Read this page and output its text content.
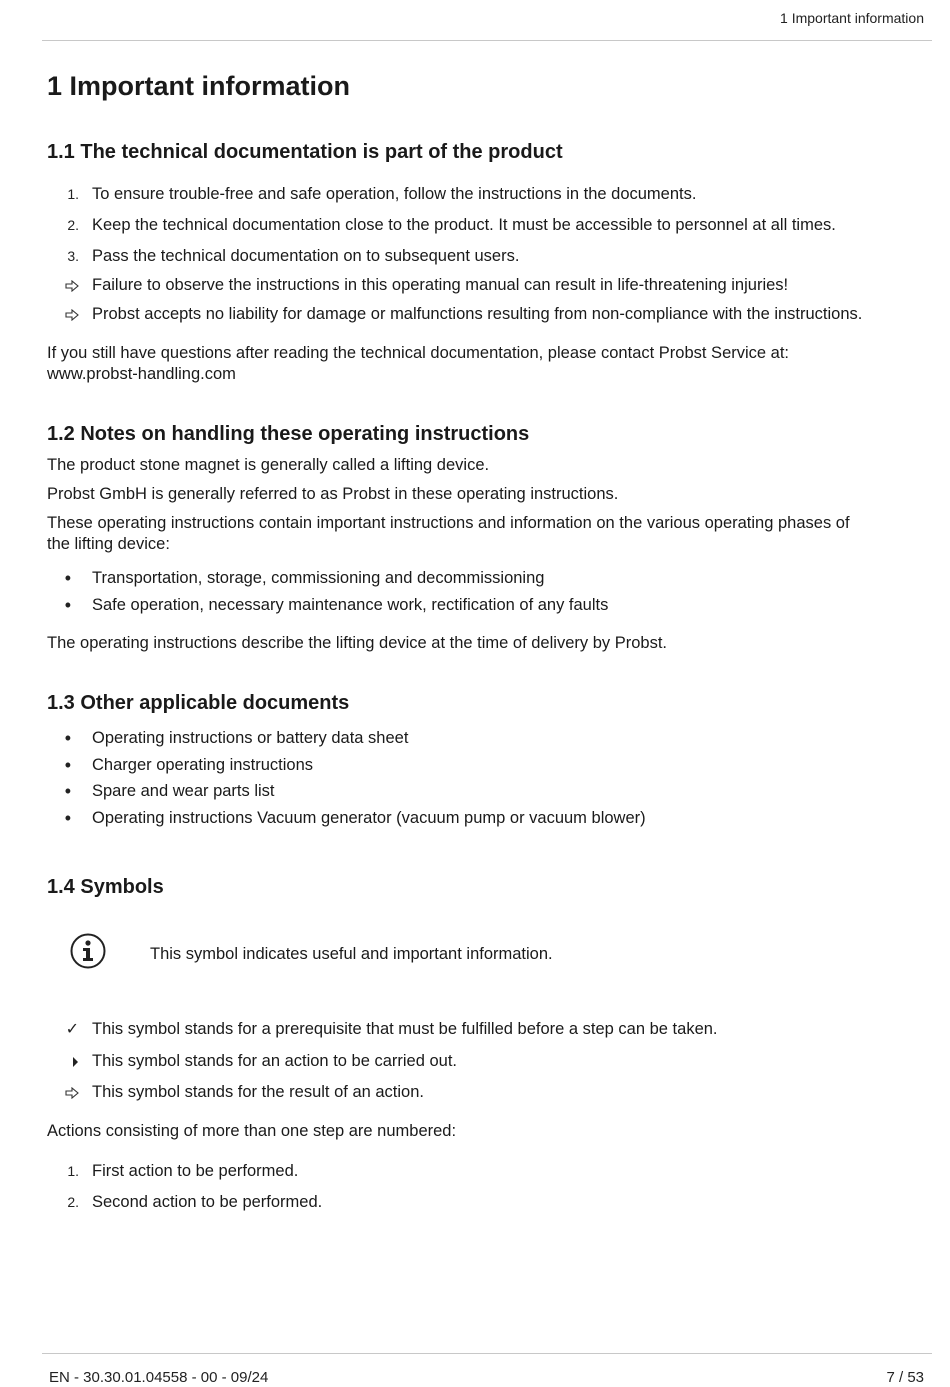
1 Important information
1 Important information
1.1 The technical documentation is part of the product
1. To ensure trouble-free and safe operation, follow the instructions in the documents.
2. Keep the technical documentation close to the product. It must be accessible to personnel at all times.
3. Pass the technical documentation on to subsequent users.
Failure to observe the instructions in this operating manual can result in life-threatening injuries!
Probst accepts no liability for damage or malfunctions resulting from non-compliance with the instructions.

If you still have questions after reading the technical documentation, please contact Probst Service at:
www.probst-handling.com

1.2 Notes on handling these operating instructions

The product stone magnet is generally called a lifting device.

Probst GmbH is generally referred to as Probst in these operating instructions.

These operating instructions contain important instructions and information on the various operating phases of
the lifting device:

• Transportation, storage, commissioning and decommissioning
• Safe operation, necessary maintenance work, rectification of any faults

The operating instructions describe the lifting device at the time of delivery by Probst.

1.3 Other applicable documents
• Operating instructions or battery data sheet
• Charger operating instructions
• Spare and wear parts list
• Operating instructions Vacuum generator (vacuum pump or vacuum blower)
1.4 Symbols
This symbol indicates useful and important information.
✓ This symbol stands for a prerequisite that must be fulfilled before a step can be taken.
This symbol stands for an action to be carried out.
This symbol stands for the result of an action.

Actions consisting of more than one step are numbered:

1. First action to be performed.
2. Second action to be performed.
EN - 30.30.01.04558 - 00 - 09/24	7 / 53
